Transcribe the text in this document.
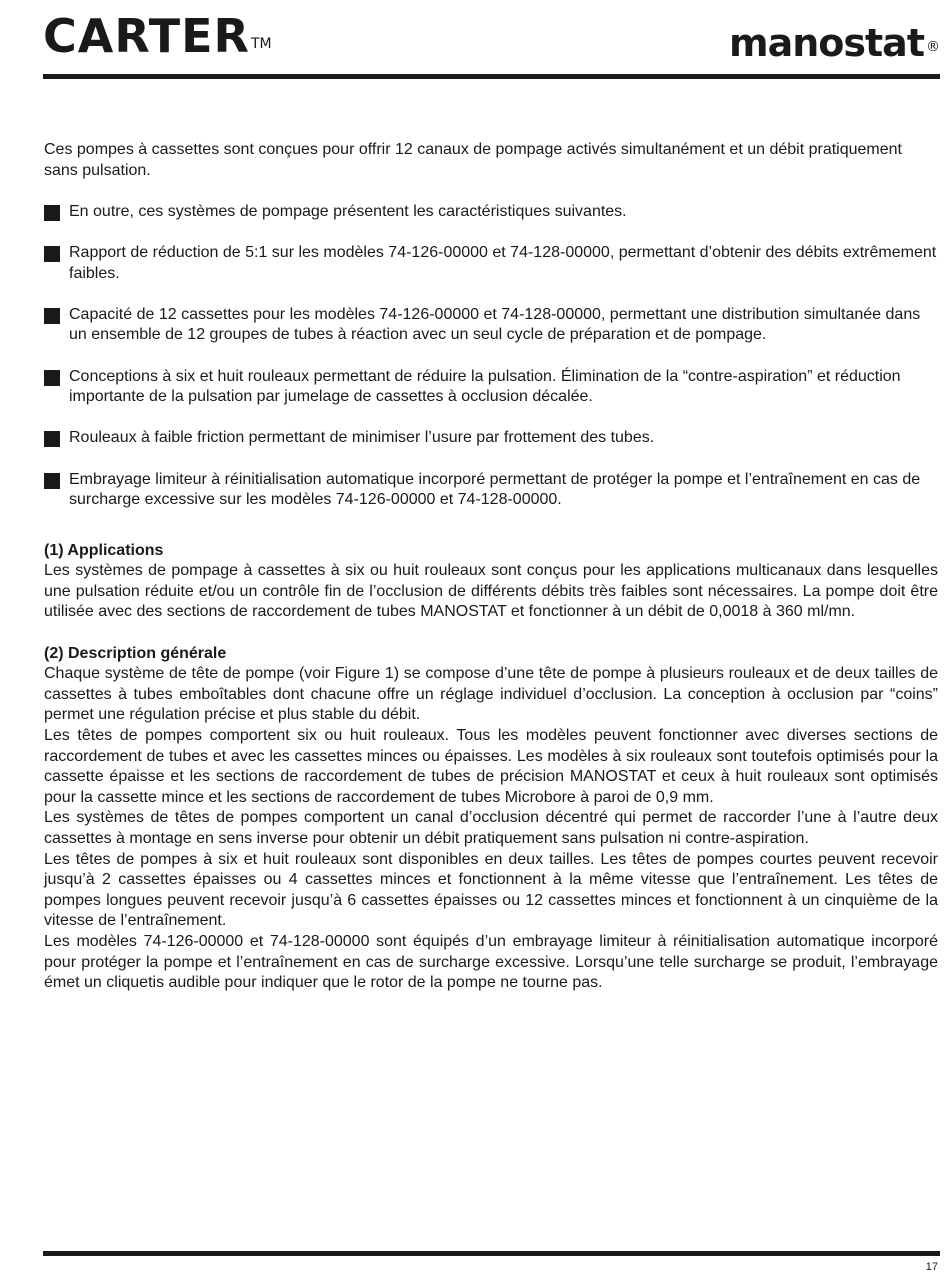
CARTER™	manostat ®

Ces pompes à cassettes sont conçues pour offrir 12 canaux de pompage activés simultanément et un débit pratiquement sans pulsation.

En outre, ces systèmes de pompage présentent les caractéristiques suivantes.
Rapport de réduction de 5:1 sur les modèles 74-126-00000 et 74-128-00000, permettant d’obtenir des débits extrêmement faibles.
Capacité de 12 cassettes pour les modèles 74-126-00000 et 74-128-00000, permettant une distribution simultanée dans un ensemble de 12 groupes de tubes à réaction avec un seul cycle de préparation et de pompage.
Conceptions à six et huit rouleaux permettant de réduire la pulsation. Élimination de la “contre-aspiration” et réduction importante de la pulsation par jumelage de cassettes à occlusion décalée.
Rouleaux à faible friction permettant de minimiser l’usure par frottement des tubes.
Embrayage limiteur à réinitialisation automatique incorporé permettant de protéger la pompe et l’entraînement en cas de surcharge excessive sur les modèles 74-126-00000 et 74-128-00000.
(1) Applications

Les systèmes de pompage à cassettes à six ou huit rouleaux sont conçus pour les applications multicanaux dans lesquelles une pulsation réduite et/ou un contrôle fin de l’occlusion de différents débits très faibles sont nécessaires. La pompe doit être utilisée avec des sections de raccordement de tubes MANOSTAT et fonctionner à un débit de 0,0018 à 360 ml/mn.

(2) Description générale

Chaque système de tête de pompe (voir Figure 1) se compose d’une tête de pompe à plusieurs rouleaux et de deux tailles de cassettes à tubes emboîtables dont chacune offre un réglage individuel d’occlusion. La conception à occlusion par “coins” permet une régulation précise et plus stable du débit.

Les têtes de pompes comportent six ou huit rouleaux. Tous les modèles peuvent fonctionner avec diverses sections de raccordement de tubes et avec les cassettes minces ou épaisses. Les modèles à six rouleaux sont toutefois optimisés pour la cassette épaisse et les sections de raccordement de tubes de précision MANOSTAT et ceux à huit rouleaux sont optimisés pour la cassette mince et les sections de raccordement de tubes Microbore à paroi de 0,9 mm.

Les systèmes de têtes de pompes comportent un canal d’occlusion décentré qui permet de raccorder l’une à l’autre deux cassettes à montage en sens inverse pour obtenir un débit pratiquement sans pulsation ni contre-aspiration.

Les têtes de pompes à six et huit rouleaux sont disponibles en deux tailles. Les têtes de pompes courtes peuvent recevoir jusqu’à 2 cassettes épaisses ou 4 cassettes minces et fonctionnent à la même vitesse que l’entraînement. Les têtes de pompes longues peuvent recevoir jusqu’à 6 cassettes épaisses ou 12 cassettes minces et fonctionnent à un cinquième de la vitesse de l’entraînement.

Les modèles 74-126-00000 et 74-128-00000 sont équipés d’un embrayage limiteur à réinitialisation automatique incorporé pour protéger la pompe et l’entraînement en cas de surcharge excessive. Lorsqu’une telle surcharge se produit, l’embrayage émet un cliquetis audible pour indiquer que le rotor de la pompe ne tourne pas.

17
